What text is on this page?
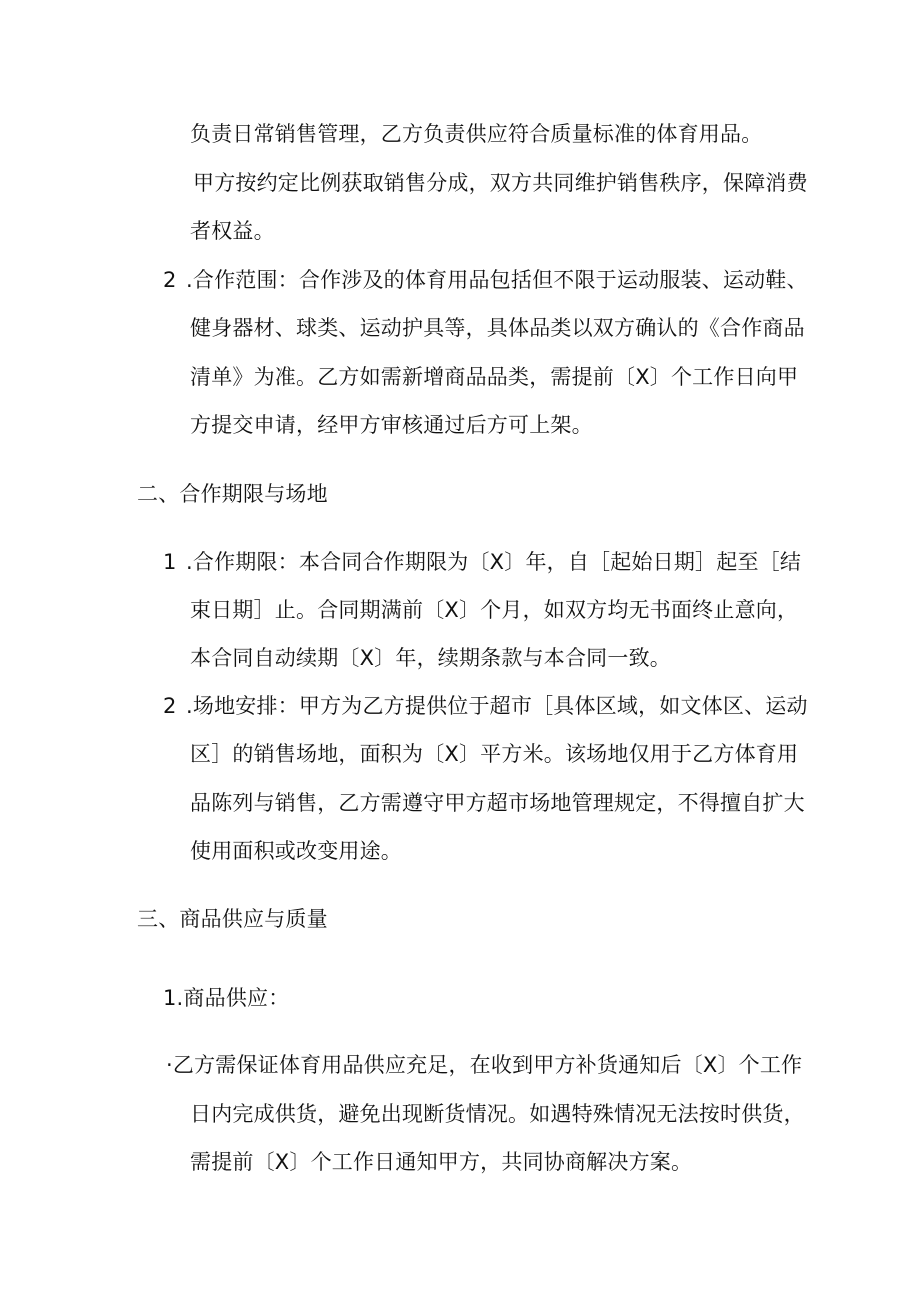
负责日常销售管理，乙方负责供应符合质量标准的体育用品。
甲方按约定比例获取销售分成，双方共同维护销售秩序，保障消费
者权益。
2 .合作范围：合作涉及的体育用品包括但不限于运动服装、运动鞋、
健身器材、球类、运动护具等，具体品类以双方确认的《合作商品
清单》为准。乙方如需新增商品品类，需提前〔X〕个工作日向甲
方提交申请，经甲方审核通过后方可上架。
二、合作期限与场地
1 .合作期限：本合同合作期限为〔X〕年，自［起始日期］起至［结
束日期］止。合同期满前〔X〕个月，如双方均无书面终止意向，
本合同自动续期〔X〕年，续期条款与本合同一致。
2 .场地安排：甲方为乙方提供位于超市［具体区域，如文体区、运动
区］的销售场地，面积为〔X〕平方米。该场地仅用于乙方体育用
品陈列与销售，乙方需遵守甲方超市场地管理规定，不得擅自扩大
使用面积或改变用途。
三、商品供应与质量
1.商品供应：
·乙方需保证体育用品供应充足，在收到甲方补货通知后〔X〕个工作
日内完成供货，避免出现断货情况。如遇特殊情况无法按时供货，
需提前〔X〕个工作日通知甲方，共同协商解决方案。
